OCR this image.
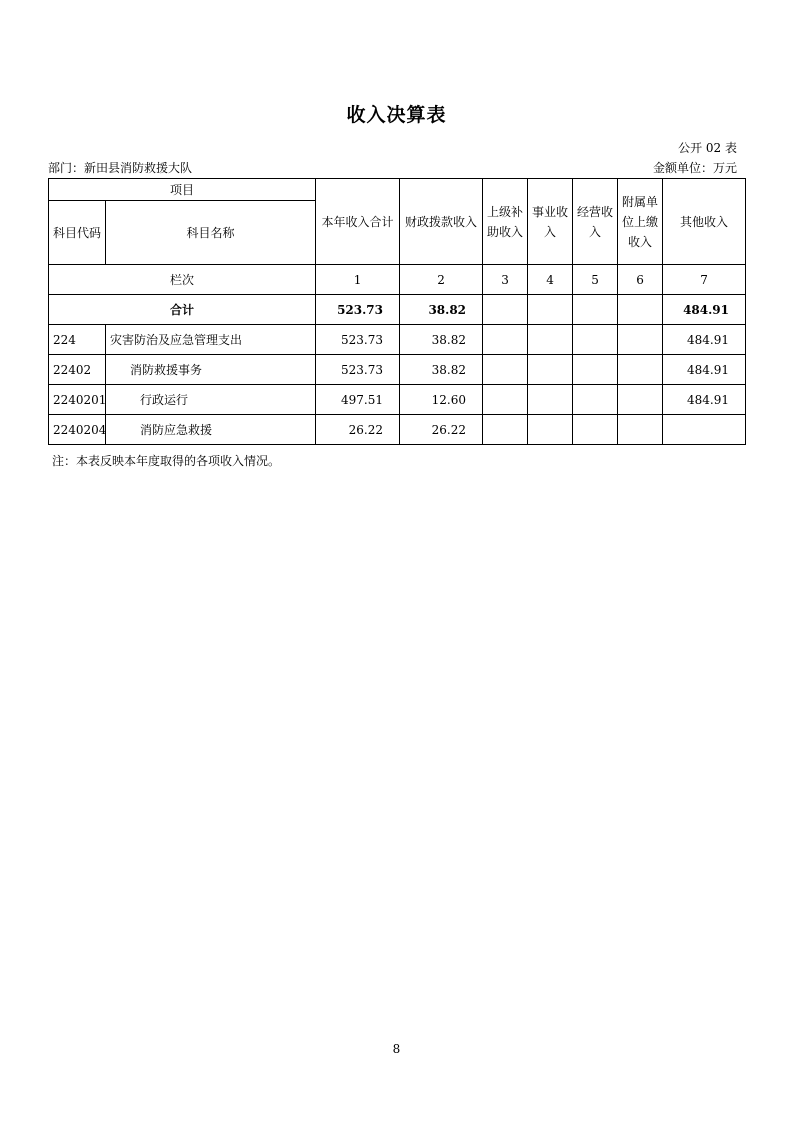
收入决算表
公开 02 表
部门：新田县消防救援大队	金额单位：万元
项目		本年收入合计	财政拨款收入	上级补助收入	事业收入	经营收入	附属单位上缴收入	其他收入
科目代码	科目名称							
栏次		1	2	3	4	5	6	7
合计		523.73	38.82					484.91
224	灾害防治及应急管理支出	523.73	38.82					484.91
22402	消防救援事务	523.73	38.82					484.91
2240201	行政运行	497.51	12.60					484.91
2240204	消防应急救援	26.22	26.22					
注：本表反映本年度取得的各项收入情况。
8
